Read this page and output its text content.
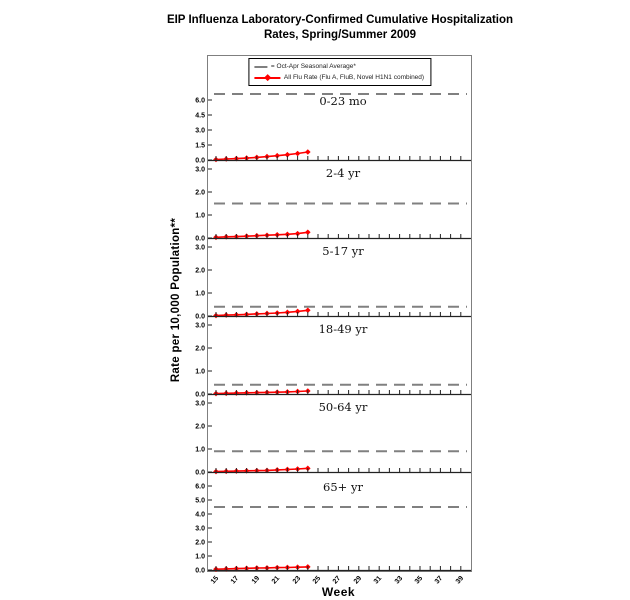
EIP Influenza Laboratory-Confirmed Cumulative Hospitalization
Rates, Spring/Summer 2009
Rate per 10,000 Population**
= Oct-Apr Seasonal Average*
All Flu Rate (Flu A, FluB, Novel H1N1 combined)
0.0
1.5
3.0
4.5
6.0	0-23 mo
0.0
1.0
2.0
3.0	2-4 yr
0.0
1.0
2.0
3.0	5-17 yr
0.0
1.0
2.0
3.0	18-49 yr
0.0
1.0
2.0
3.0	50-64 yr
0.0
1.0
2.0
3.0
4.0
5.0
6.0	65+ yr
15	17	19	21	23	25	27	29	31	33	35	37	39
Week
